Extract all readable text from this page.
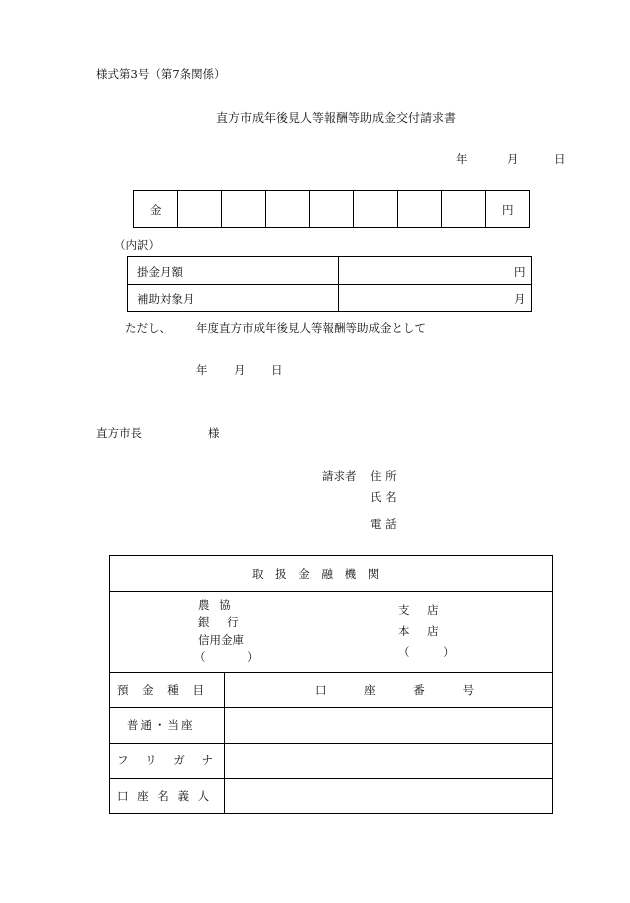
様式第3号（第7条関係）
直方市成年後見人等報酬等助成金交付請求書
年	月	日
金	円
（内訳）
掛金月額	円
補助対象月	月
ただし、 年度直方市成年後見人等報酬等助成金として
年 月 日
直方市長	様
請求者 住 所
氏 名
電 話
取 扱 金 融 機 関
農 協
銀 行
信用金庫
（ ）
支 店
本 店
（ ）
預 金 種 目	口 座 番 号
普通・当座
フ リ ガ ナ
口 座 名 義 人
